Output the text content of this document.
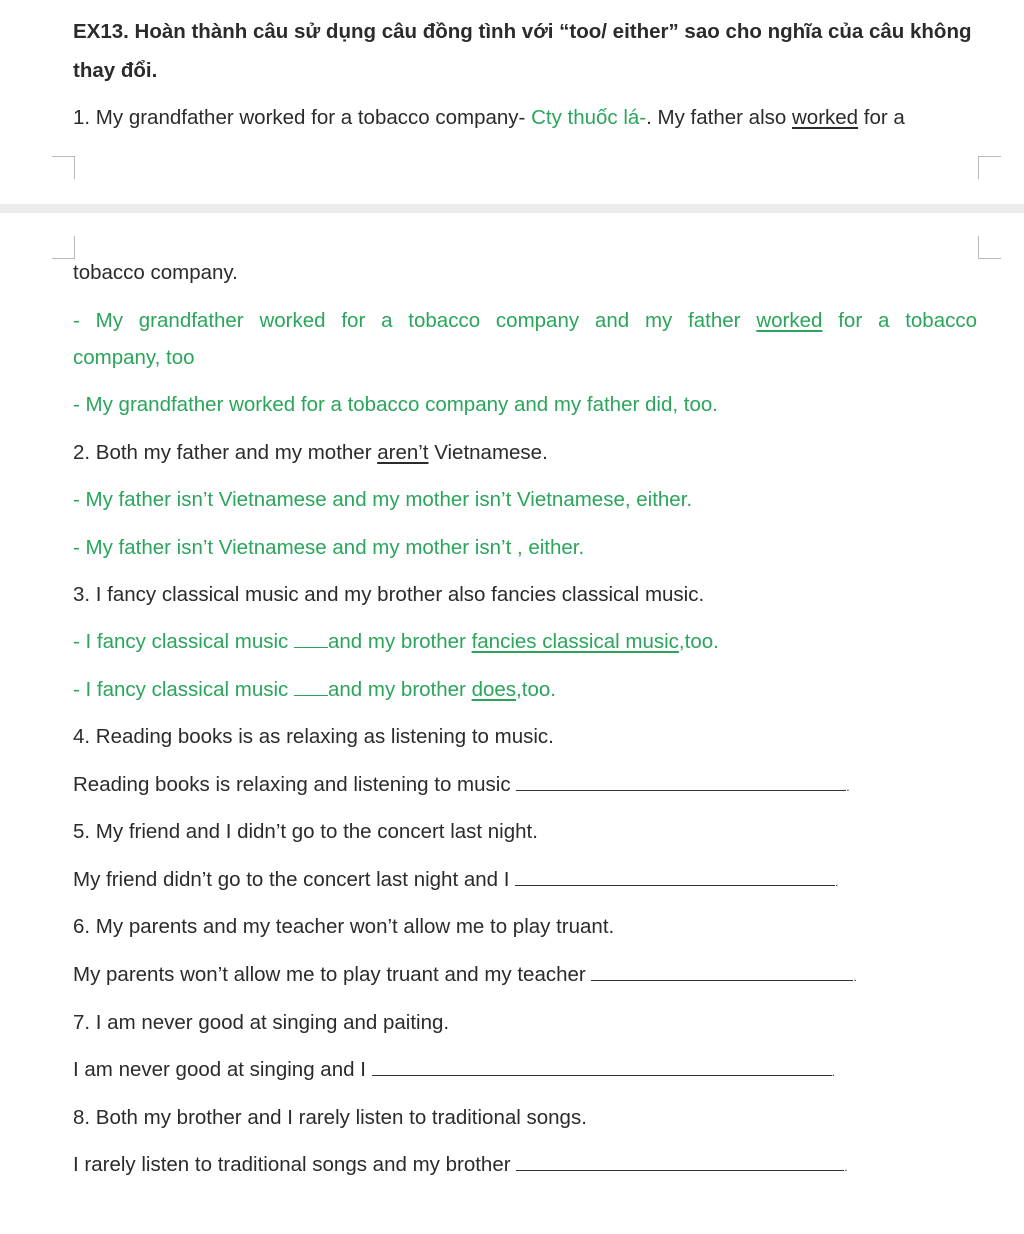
EX13. Hoàn thành câu sử dụng câu đồng tình với “too/ either” sao cho nghĩa của câu không
thay đổi.
1. My grandfather worked for a tobacco company- Cty thuốc lá-. My father also worked for a
tobacco company.
- My grandfather worked for a tobacco company and my father worked for a tobacco
company, too
- My grandfather worked for a tobacco company and my father did, too.
2. Both my father and my mother aren’t Vietnamese.
- My father isn’t Vietnamese and my mother isn’t Vietnamese, either.
- My father isn’t Vietnamese and my mother isn’t , either.
3. I fancy classical music and my brother also fancies classical music.
- I fancy classical music and my brother fancies classical music,too.
- I fancy classical music and my brother does,too.
4. Reading books is as relaxing as listening to music.
Reading books is relaxing and listening to music	.
5. My friend and I didn’t go to the concert last night.
My friend didn’t go to the concert last night and I	.
6. My parents and my teacher won’t allow me to play truant.
My parents won’t allow me to play truant and my teacher	.
7. I am never good at singing and paiting.
I am never good at singing and I	.
8. Both my brother and I rarely listen to traditional songs.
I rarely listen to traditional songs and my brother	.
